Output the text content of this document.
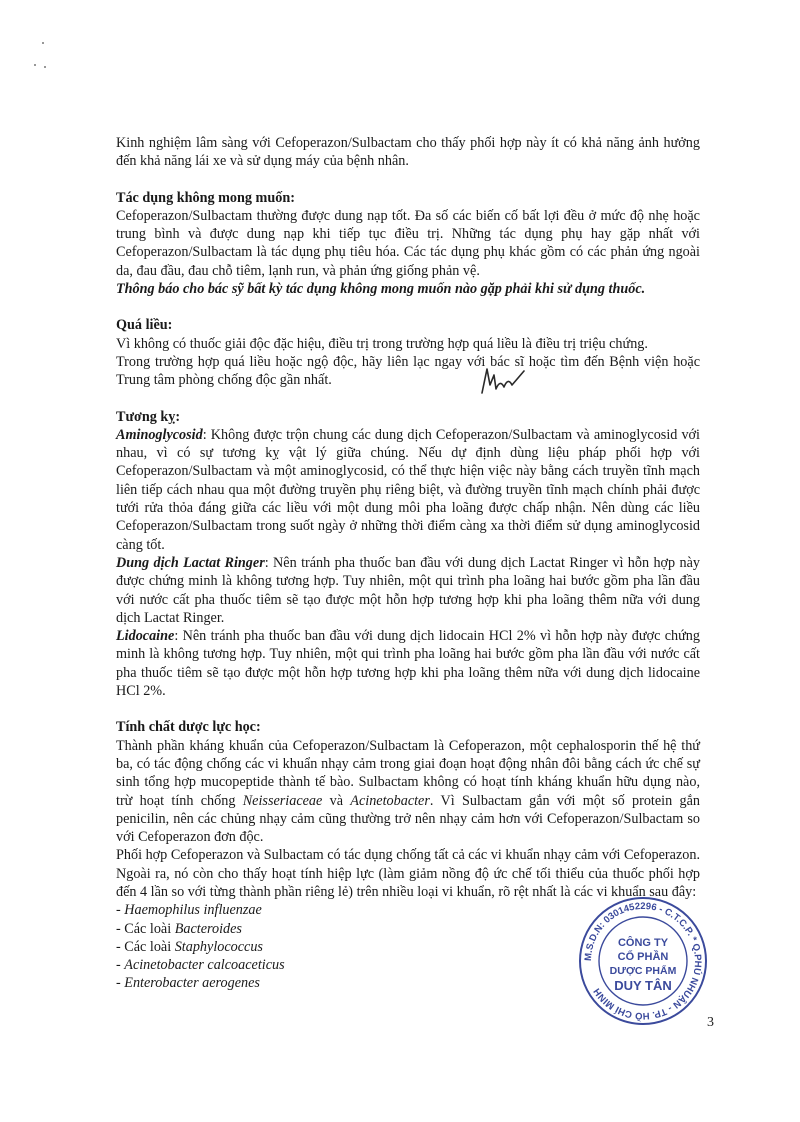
Kinh nghiệm lâm sàng với Cefoperazon/Sulbactam cho thấy phối hợp này ít có khả năng ảnh hưởng đến khả năng lái xe và sử dụng máy của bệnh nhân.

Tác dụng không mong muốn:

Cefoperazon/Sulbactam thường được dung nạp tốt. Đa số các biến cố bất lợi đều ở mức độ nhẹ hoặc trung bình và được dung nạp khi tiếp tục điều trị. Những tác dụng phụ hay gặp nhất với Cefoperazon/Sulbactam là tác dụng phụ tiêu hóa. Các tác dụng phụ khác gồm có các phản ứng ngoài da, đau đầu, đau chỗ tiêm, lạnh run, và phản ứng giống phản vệ.

Thông báo cho bác sỹ bất kỳ tác dụng không mong muốn nào gặp phải khi sử dụng thuốc.

Quá liều:

Vì không có thuốc giải độc đặc hiệu, điều trị trong trường hợp quá liều là điều trị triệu chứng.

Trong trường hợp quá liều hoặc ngộ độc, hãy liên lạc ngay với bác sĩ hoặc tìm đến Bệnh viện hoặc Trung tâm phòng chống độc gần nhất.

Tương kỵ:

Aminoglycosid: Không được trộn chung các dung dịch Cefoperazon/Sulbactam và aminoglycosid với nhau, vì có sự tương kỵ vật lý giữa chúng. Nếu dự định dùng liệu pháp phối hợp với Cefoperazon/Sulbactam và một aminoglycosid, có thể thực hiện việc này bằng cách truyền tĩnh mạch liên tiếp cách nhau qua một đường truyền phụ riêng biệt, và đường truyền tĩnh mạch chính phải được tưới rửa thỏa đáng giữa các liều với một dung môi pha loãng được chấp nhận. Nên dùng các liều Cefoperazon/Sulbactam trong suốt ngày ở những thời điểm càng xa thời điểm sử dụng aminoglycosid càng tốt.

Dung dịch Lactat Ringer: Nên tránh pha thuốc ban đầu với dung dịch Lactat Ringer vì hỗn hợp này được chứng minh là không tương hợp. Tuy nhiên, một qui trình pha loãng hai bước gồm pha lần đầu với nước cất pha thuốc tiêm sẽ tạo được một hỗn hợp tương hợp khi pha loãng thêm nữa với dung dịch Lactat Ringer.

Lidocaine: Nên tránh pha thuốc ban đầu với dung dịch lidocain HCl 2% vì hỗn hợp này được chứng minh là không tương hợp. Tuy nhiên, một qui trình pha loãng hai bước gồm pha lần đầu với nước cất pha thuốc tiêm sẽ tạo được một hỗn hợp tương hợp khi pha loãng thêm nữa với dung dịch lidocaine HCl 2%.

Tính chất dược lực học:

Thành phần kháng khuẩn của Cefoperazon/Sulbactam là Cefoperazon, một cephalosporin thế hệ thứ ba, có tác động chống các vi khuẩn nhạy cảm trong giai đoạn hoạt động nhân đôi bằng cách ức chế sự sinh tổng hợp mucopeptide thành tế bào. Sulbactam không có hoạt tính kháng khuẩn hữu dụng nào, trừ hoạt tính chống Neisseriaceae và Acinetobacter. Vì Sulbactam gắn với một số protein gắn penicilin, nên các chủng nhạy cảm cũng thường trở nên nhạy cảm hơn với Cefoperazon/Sulbactam so với Cefoperazon đơn độc.

Phối hợp Cefoperazon và Sulbactam có tác dụng chống tất cả các vi khuẩn nhạy cảm với Cefoperazon. Ngoài ra, nó còn cho thấy hoạt tính hiệp lực (làm giảm nồng độ ức chế tối thiểu của thuốc phối hợp đến 4 lần so với từng thành phần riêng lẻ) trên nhiều loại vi khuẩn, rõ rệt nhất là các vi khuẩn sau đây:

- Haemophilus influenzae
- Các loài Bacteroides
- Các loài Staphylococcus
- Acinetobacter calcoaceticus
- Enterobacter aerogenes
M.S.D.N: 0301452296 - C.T.C.P. * Q.PHÚ NHUẬN - TP. HỒ CHÍ MINH
CÔNG TY
CỔ PHẦN
DƯỢC PHẨM
DUY TÂN
3
